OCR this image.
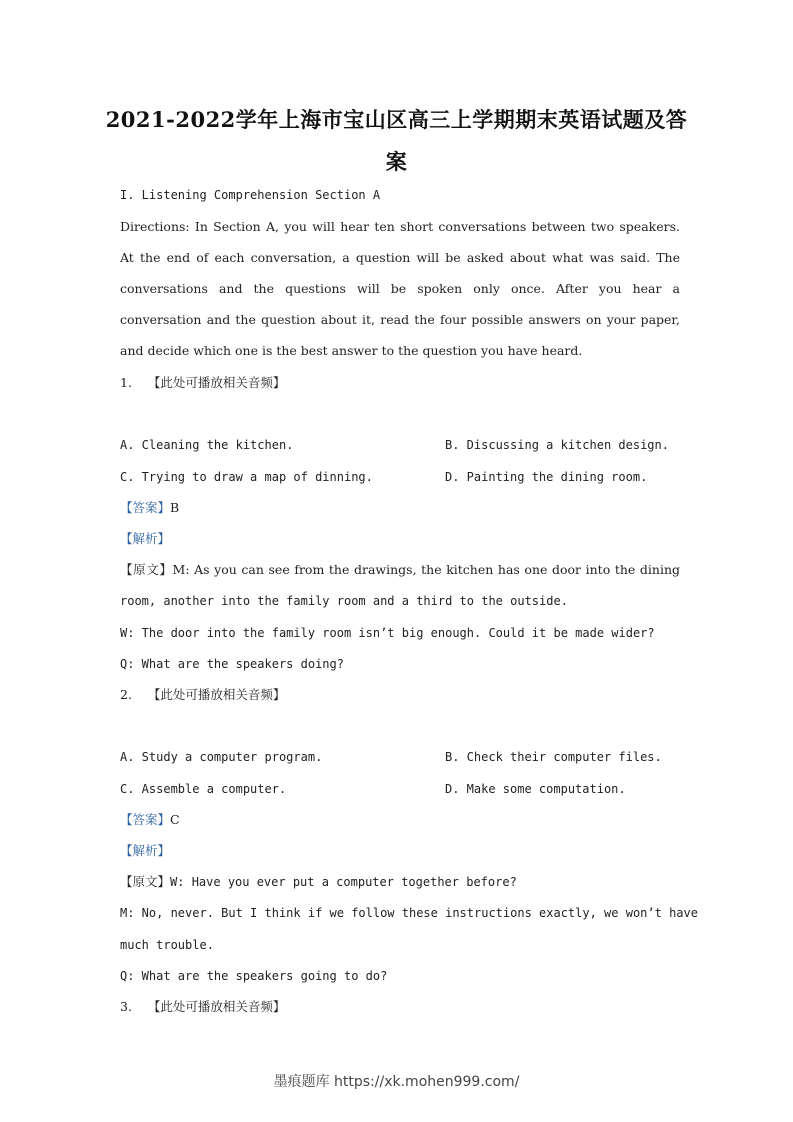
2021-2022学年上海市宝山区高三上学期期末英语试题及答
案
I. Listening Comprehension Section A
Directions: In Section A, you will hear ten short conversations between two speakers.
At the end of each conversation, a question will be asked about what was said. The
conversations and the questions will be spoken only once. After you hear a
conversation and the question about it, read the four possible answers on your paper,
and decide which one is the best answer to the question you have heard.
1. 【此处可播放相关音频】
A. Cleaning the kitchen.	B. Discussing a kitchen design.
C. Trying to draw a map of dinning.	D. Painting the dining room.
【答案】B
【解析】
【原文】M: As you can see from the drawings, the kitchen has one door into the dining
room, another into the family room and a third to the outside.
W: The door into the family room isn’t big enough. Could it be made wider?
Q: What are the speakers doing?
2. 【此处可播放相关音频】
A. Study a computer program.	B. Check their computer files.
C. Assemble a computer.	D. Make some computation.
【答案】C
【解析】
【原文】W: Have you ever put a computer together before?
M: No, never. But I think if we follow these instructions exactly, we won’t have
much trouble.
Q: What are the speakers going to do?
3. 【此处可播放相关音频】
墨痕题库 https://xk.mohen999.com/
